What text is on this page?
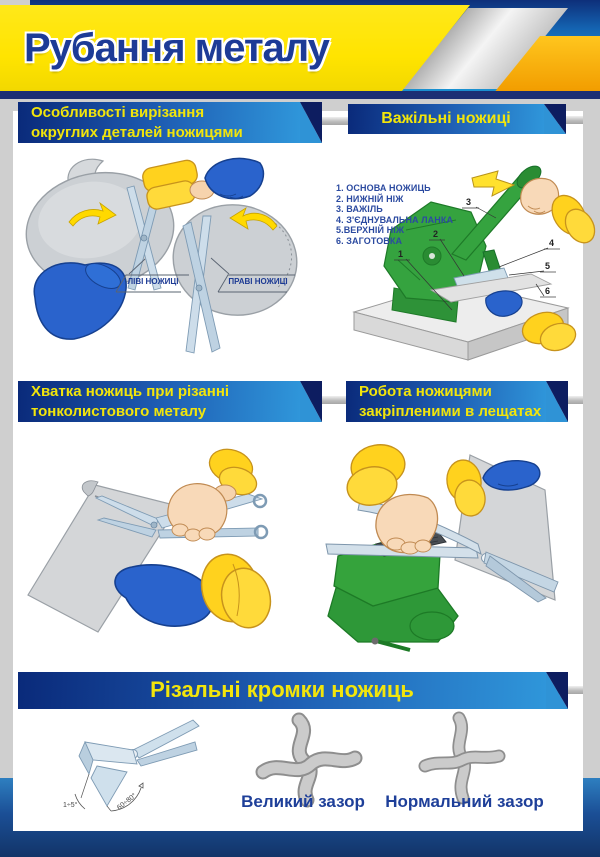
Рубання металу
Особливості вирізання
округлих деталей ножицями
Важільні ножиці
Хватка ножиць при різанні
тонколистового металу
Робота ножицями
закріпленими в лещатах
Різальні кромки ножиць
ЛІВІ НОЖИЦІ	ПРАВІ НОЖИЦІ
1. ОСНОВА НОЖИЦЬ
2. НИЖНІЙ НІЖ
3. ВАЖІЛЬ
4. З'ЄДНУВАЛЬНА ЛАНКА
5.ВЕРХНІЙ НІЖ
6. ЗАГОТОВКА
1
2
3
4
5
6
1÷5°	60÷80°	Великий зазор	Нормальний зазор
